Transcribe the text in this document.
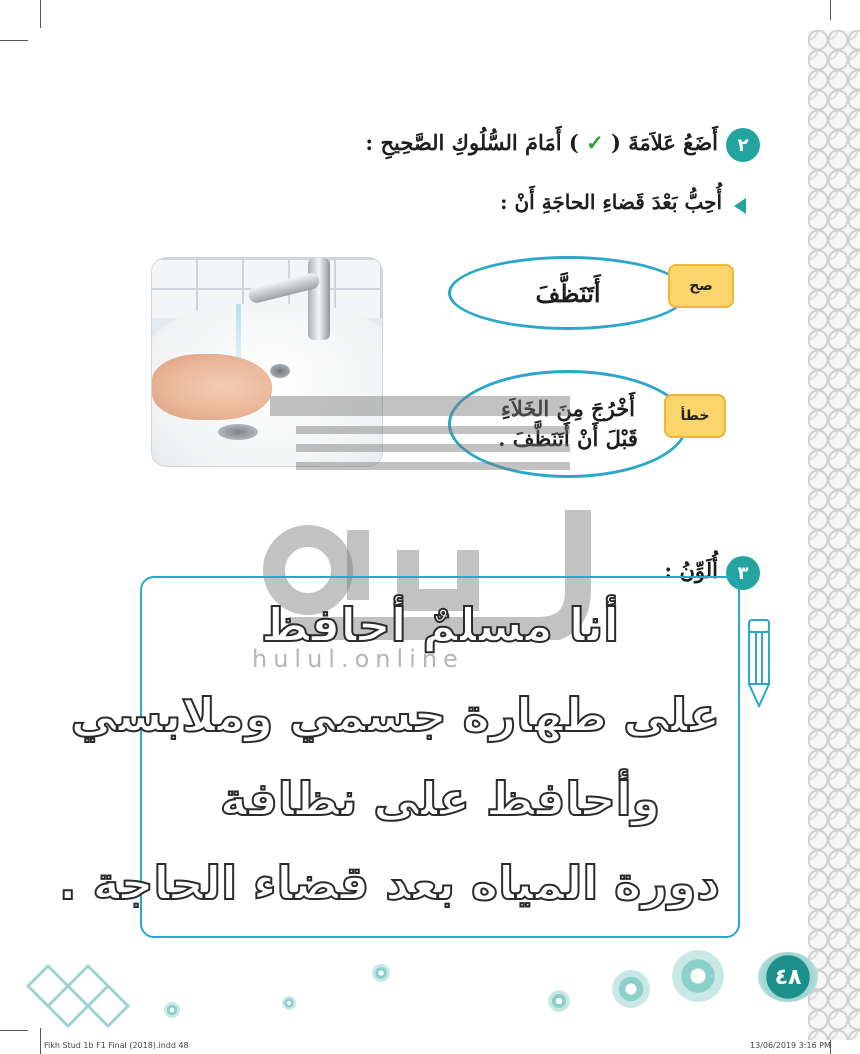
٢
أَضَعُ عَلاَمَةَ ( ✓ ) أَمَامَ السُّلُوكِ الصَّحِيحِ :
أُحِبُّ بَعْدَ قَضاءِ الحاجَةِ أَنْ :
أَتَنَظَّفَ	صح
أَخْرُجَ مِنَ الخَلاَءِ
قَبْلَ أَنْ أَتَنَظَّفَ .
خطأ
hulul.online
٣
أُلَوِّنُ :
أنا مسلمٌ أحافظ
على طهارة جسمي وملابسي
وأحافظ على نظافة
دورة المياه بعد قضاء الحاجة .
٤٨
Fikh Stud 1b F1 Final (2018).indd 48	13/06/2019 3:16 PM
